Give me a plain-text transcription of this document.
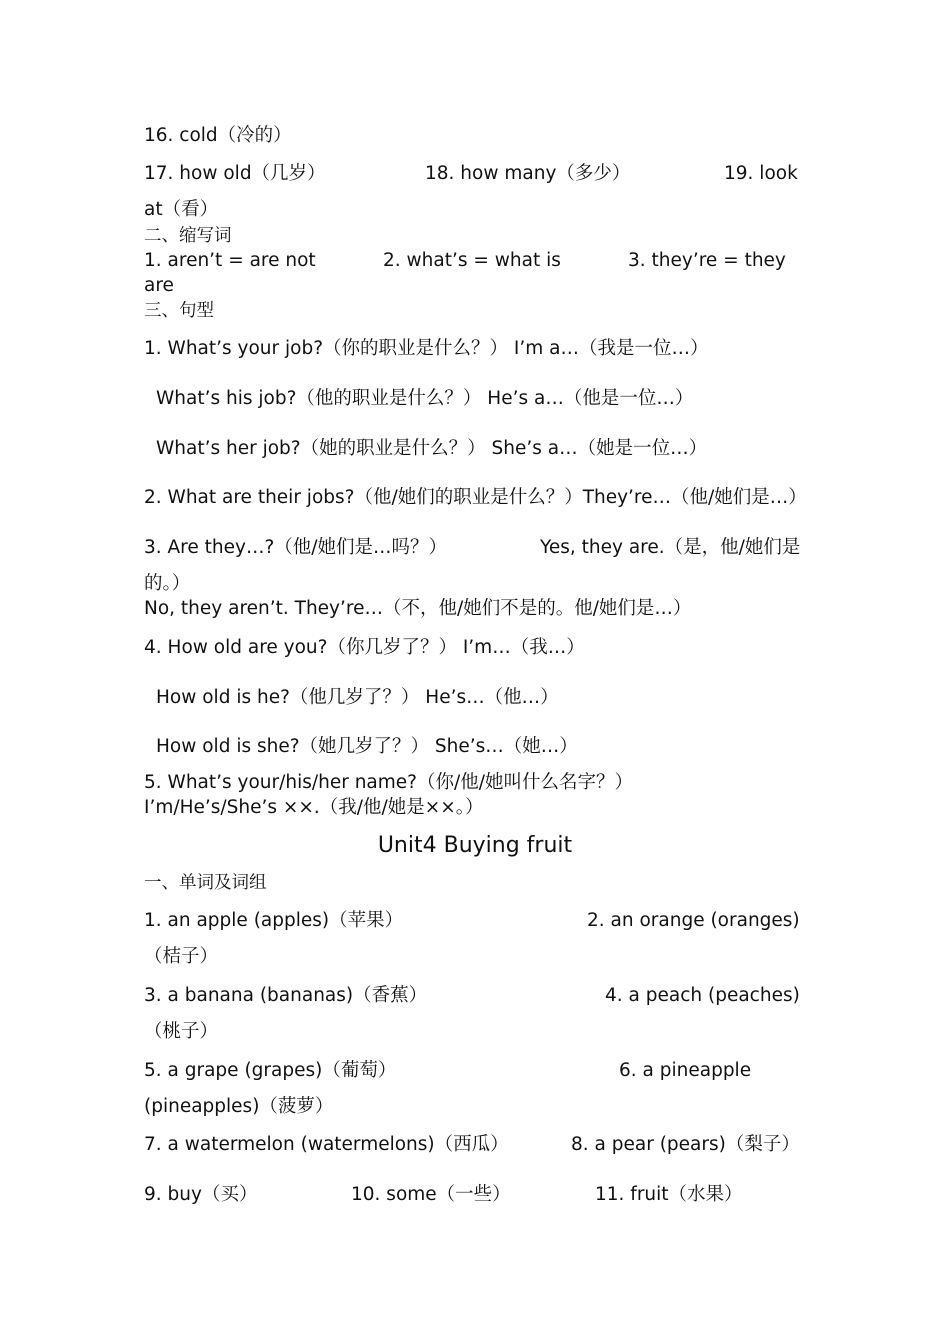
16. cold（冷的）
17. how old（几岁）	18. how many（多少）	19. look
at（看）
二、缩写词
1. aren’t = are not	2. what’s = what is	3. they’re = they
are
三、句型
1. What’s your job?（你的职业是什么？） I’m a…（我是一位…）
What’s his job?（他的职业是什么？） He’s a…（他是一位…）
What’s her job?（她的职业是什么？） She’s a…（她是一位…）
2. What are their jobs?（他/她们的职业是什么？）They’re…（他/她们是…）
3. Are they…?（他/她们是…吗？）	Yes, they are.（是，他/她们是
的。）
No, they aren’t. They’re…（不，他/她们不是的。他/她们是…）
4. How old are you?（你几岁了？） I’m…（我…）
How old is he?（他几岁了？） He’s…（他…）
How old is she?（她几岁了？） She’s…（她…）
5. What’s your/his/her name?（你/他/她叫什么名字？）
I’m/He’s/She’s ××.（我/他/她是××。）
Unit4 Buying fruit
一、单词及词组
1. an apple (apples)（苹果）	2. an orange (oranges)
（桔子）
3. a banana (bananas)（香蕉）	4. a peach (peaches)
（桃子）
5. a grape (grapes)（葡萄）	6. a pineapple
(pineapples)（菠萝）
7. a watermelon (watermelons)（西瓜）	8. a pear (pears)（梨子）
9. buy（买）	10. some（一些）	11. fruit（水果）
